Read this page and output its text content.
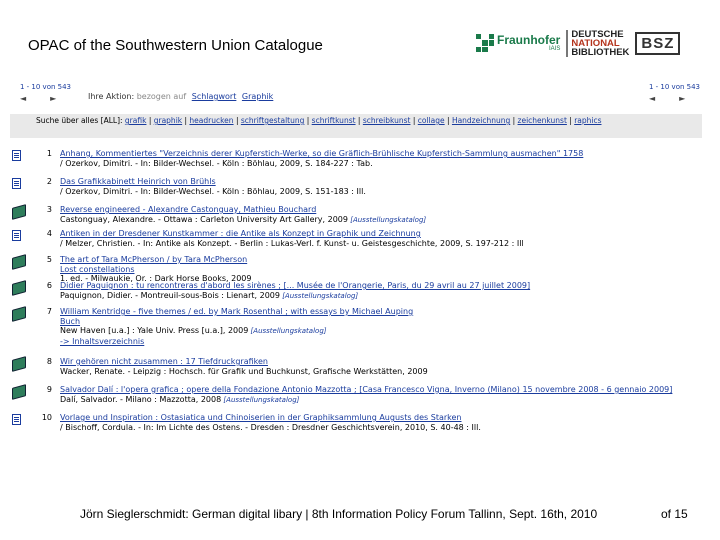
OPAC of the Southwestern Union Catalogue	Fraunhofer
IAIS
DEUTSCHE
NATIONAL
BIBLIOTHEK
BSZ
1 - 10 von 543
◄	►
1 - 10 von 543
◄	►
Ihre Aktion: bezogen auf Schlagwort Graphik
Suche über alles [ALL]: grafik | graphik | headrucken | schriftgestaltung | schriftkunst | schreibkunst | collage | Handzeichnung | zeichenkunst | raphics
1 Anhang, Kommentiertes "Verzeichnis derer Kupferstich-Werke, so die Gräflich-Brühlische Kupferstich-Sammlung ausmachen" 1758
/ Ozerkov, Dimitri. - In: Bilder-Wechsel. - Köln : Böhlau, 2009, S. 184-227 : Tab.
2 Das Grafikkabinett Heinrich von Brühls
/ Ozerkov, Dimitri. - In: Bilder-Wechsel. - Köln : Böhlau, 2009, S. 151-183 : Ill.
3 Reverse engineered - Alexandre Castonguay, Mathieu Bouchard
Castonguay, Alexandre. - Ottawa : Carleton University Art Gallery, 2009 [Ausstellungskatalog]
4 Antiken in der Dresdener Kunstkammer : die Antike als Konzept in Graphik und Zeichnung
/ Melzer, Christien. - In: Antike als Konzept. - Berlin : Lukas-Verl. f. Kunst- u. Geistesgeschichte, 2009, S. 197-212 : Ill
5 The art of Tara McPherson / by Tara McPherson
Lost constellations
1. ed. - Milwaukie, Or. : Dark Horse Books, 2009
6 Didier Paquignon : tu rencontreras d'abord les sirènes ; [... Musée de l'Orangerie, Paris, du 29 avril au 27 juillet 2009]
Paquignon, Didier. - Montreuil-sous-Bois : Lienart, 2009 [Ausstellungskatalog]
7 William Kentridge - five themes / ed. by Mark Rosenthal ; with essays by Michael Auping
Buch
New Haven [u.a.] : Yale Univ. Press [u.a.], 2009 [Ausstellungskatalog]
-> Inhaltsverzeichnis
8 Wir gehören nicht zusammen : 17 Tiefdruckgrafiken
Wacker, Renate. - Leipzig : Hochsch. für Grafik und Buchkunst, Grafische Werkstätten, 2009
9 Salvador Dalí : l'opera grafica ; opere della Fondazione Antonio Mazzotta ; [Casa Francesco Vigna, Inverno (Milano) 15 novembre 2008 - 6 gennaio 2009]
Dalí, Salvador. - Milano : Mazzotta, 2008 [Ausstellungskatalog]
10 Vorlage und Inspiration : Ostasiatica und Chinoiserien in der Graphiksammlung Augusts des Starken
/ Bischoff, Cordula. - In: Im Lichte des Ostens. - Dresden : Dresdner Geschichtsverein, 2010, S. 40-48 : Ill.
Jörn Sieglerschmidt: German digital libary | 8th Information Policy Forum Tallinn, Sept. 16th, 2010	of 15
